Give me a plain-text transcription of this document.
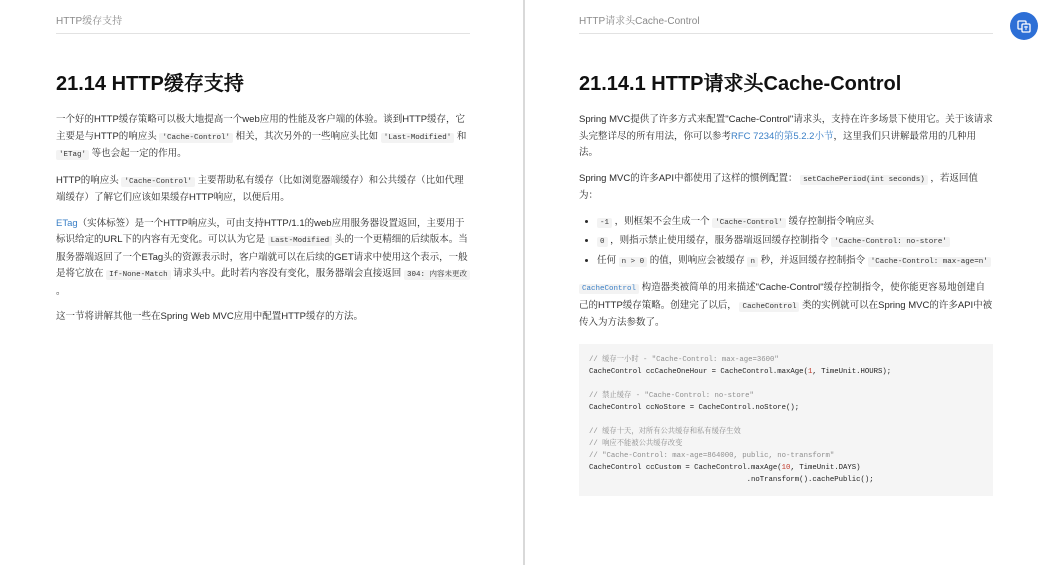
HTTP缓存支持
21.14 HTTP缓存支持

一个好的HTTP缓存策略可以极大地提高一个web应用的性能及客户端的体验。谈到HTTP缓存，它主要是与HTTP的响应头 'Cache-Control' 相关，其次另外的一些响应头比如 'Last-Modified' 和 'ETag' 等也会起一定的作用。

HTTP的响应头 'Cache-Control' 主要帮助私有缓存（比如浏览器端缓存）和公共缓存（比如代理端缓存）了解它们应该如果缓存HTTP响应，以便后用。

ETag（实体标签）是一个HTTP响应头，可由支持HTTP/1.1的web应用服务器设置返回，主要用于标识给定的URL下的内容有无变化。可以认为它是 Last-Modified 头的一个更精细的后续版本。当服务器端返回了一个ETag头的资源表示时，客户端就可以在后续的GET请求中使用这个表示，一般是将它放在 If-None-Match 请求头中。此时若内容没有变化，服务器端会直接返回 304: 内容未更改 。

这一节将讲解其他一些在Spring Web MVC应用中配置HTTP缓存的方法。

HTTP请求头Cache-Control
21.14.1 HTTP请求头Cache-Control

Spring MVC提供了许多方式来配置"Cache-Control"请求头，支持在许多场景下使用它。关于该请求头完整详尽的所有用法，你可以参考RFC 7234的第5.2.2小节，这里我们只讲解最常用的几种用法。

Spring MVC的许多API中都使用了这样的惯例配置： setCachePeriod(int seconds) ，若返回值为：

• -1 ，则框架不会生成一个 'Cache-Control' 缓存控制指令响应头
• 0 ，则指示禁止使用缓存，服务器端返回缓存控制指令 'Cache-Control: no-store'
• 任何 n > 0 的值，则响应会被缓存 n 秒，并返回缓存控制指令 'Cache-Control: max-age=n'

CacheControl 构造器类被简单的用来描述"Cache-Control"缓存控制指令，使你能更容易地创建自己的HTTP缓存策略。创建完了以后， CacheControl 类的实例就可以在Spring MVC的许多API中被传入为方法参数了。

// 缓存一小时 - "Cache-Control: max-age=3600"
CacheControl ccCacheOneHour = CacheControl.maxAge(1, TimeUnit.HOURS);

// 禁止缓存 - "Cache-Control: no-store"
CacheControl ccNoStore = CacheControl.noStore();

// 缓存十天，对所有公共缓存和私有缓存生效
// 响应不能被公共缓存改变
// "Cache-Control: max-age=864000, public, no-transform"
CacheControl ccCustom = CacheControl.maxAge(10, TimeUnit.DAYS)
.noTransform().cachePublic();
